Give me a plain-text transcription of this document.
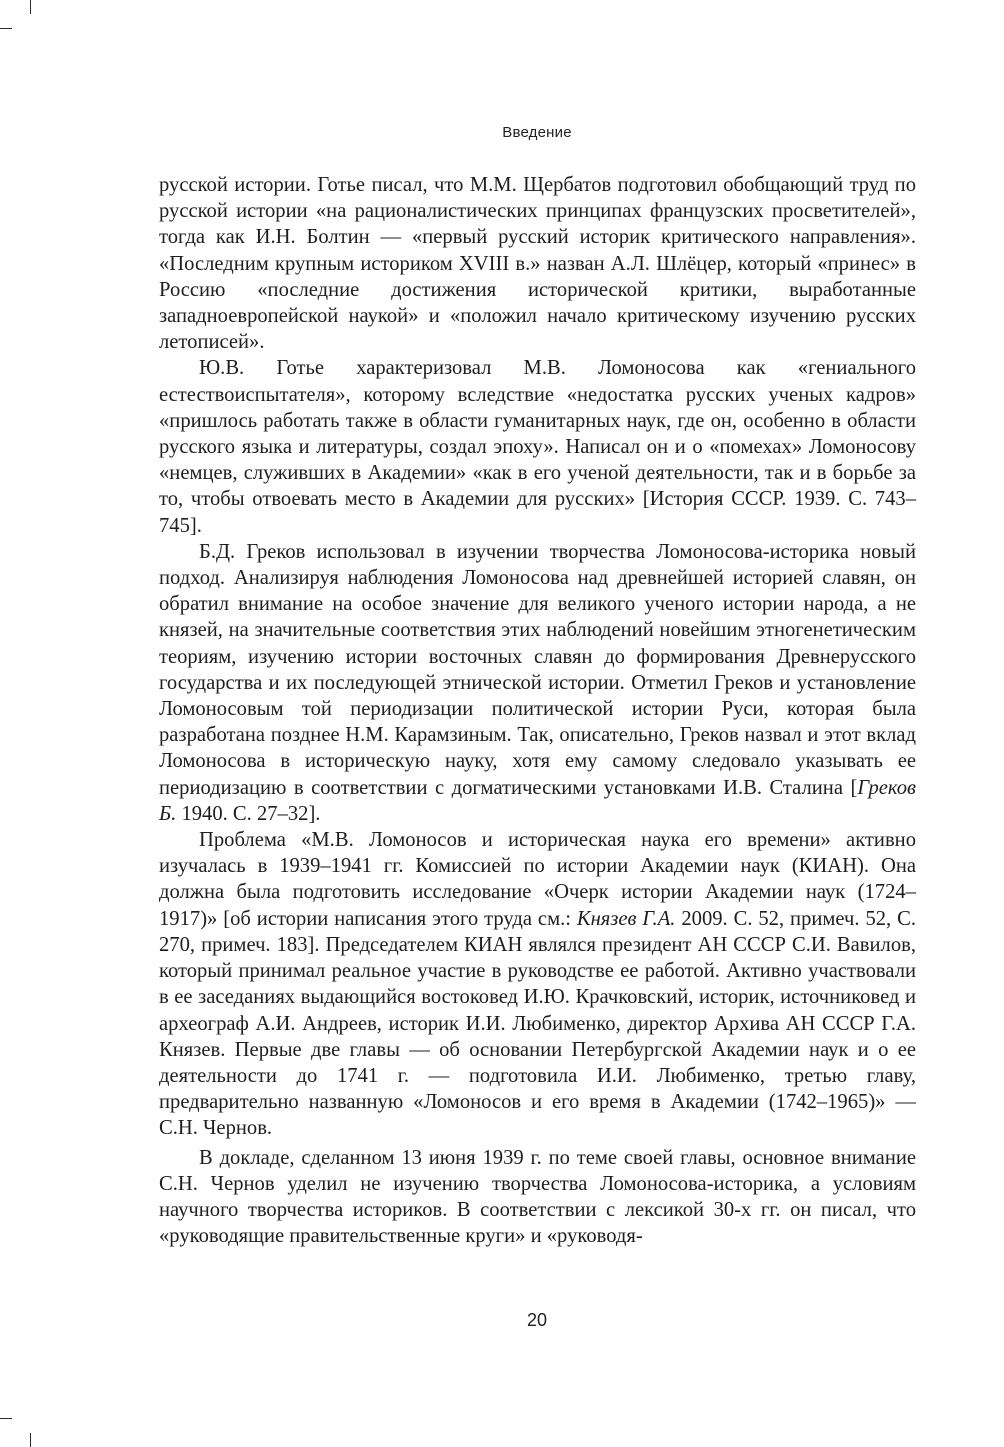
Введение

русской истории. Готье писал, что М.М. Щербатов подготовил обобщающий труд по русской истории «на рационалистических принципах французских просветителей», тогда как И.Н. Болтин — «первый русский историк критического направления». «Последним крупным историком XVIII в.» назван А.Л. Шлёцер, который «принес» в Россию «последние достижения исторической критики, выработанные западноевропейской наукой» и «положил начало критическому изучению русских летописей».

Ю.В. Готье характеризовал М.В. Ломоносова как «гениального естествоиспытателя», которому вследствие «недостатка русских ученых кадров» «пришлось работать также в области гуманитарных наук, где он, особенно в области русского языка и литературы, создал эпоху». Написал он и о «помехах» Ломоносову «немцев, служивших в Академии» «как в его ученой деятельности, так и в борьбе за то, чтобы отвоевать место в Академии для русских» [История СССР. 1939. С. 743–745].

Б.Д. Греков использовал в изучении творчества Ломоносова-историка новый подход. Анализируя наблюдения Ломоносова над древнейшей историей славян, он обратил внимание на особое значение для великого ученого истории народа, а не князей, на значительные соответствия этих наблюдений новейшим этногенетическим теориям, изучению истории восточных славян до формирования Древнерусского государства и их последующей этнической истории. Отметил Греков и установление Ломоносовым той периодизации политической истории Руси, которая была разработана позднее Н.М. Карамзиным. Так, описательно, Греков назвал и этот вклад Ломоносова в историческую науку, хотя ему самому следовало указывать ее периодизацию в соответствии с догматическими установками И.В. Сталина [Греков Б. 1940. С. 27–32].

Проблема «М.В. Ломоносов и историческая наука его времени» активно изучалась в 1939–1941 гг. Комиссией по истории Академии наук (КИАН). Она должна была подготовить исследование «Очерк истории Академии наук (1724–1917)» [об истории написания этого труда см.: Князев Г.А. 2009. С. 52, примеч. 52, С. 270, примеч. 183]. Председателем КИАН являлся президент АН СССР С.И. Вавилов, который принимал реальное участие в руководстве ее работой. Активно участвовали в ее заседаниях выдающийся востоковед И.Ю. Крачковский, историк, источниковед и археограф А.И. Андреев, историк И.И. Любименко, директор Архива АН СССР Г.А. Князев. Первые две главы — об основании Петербургской Академии наук и о ее деятельности до 1741 г. — подготовила И.И. Любименко, третью главу, предварительно названную «Ломоносов и его время в Академии (1742–1965)» — С.Н. Чернов.

В докладе, сделанном 13 июня 1939 г. по теме своей главы, основное внимание С.Н. Чернов уделил не изучению творчества Ломоносова-историка, а условиям научного творчества историков. В соответствии с лексикой 30-х гг. он писал, что «руководящие правительственные круги» и «руководя-

20
